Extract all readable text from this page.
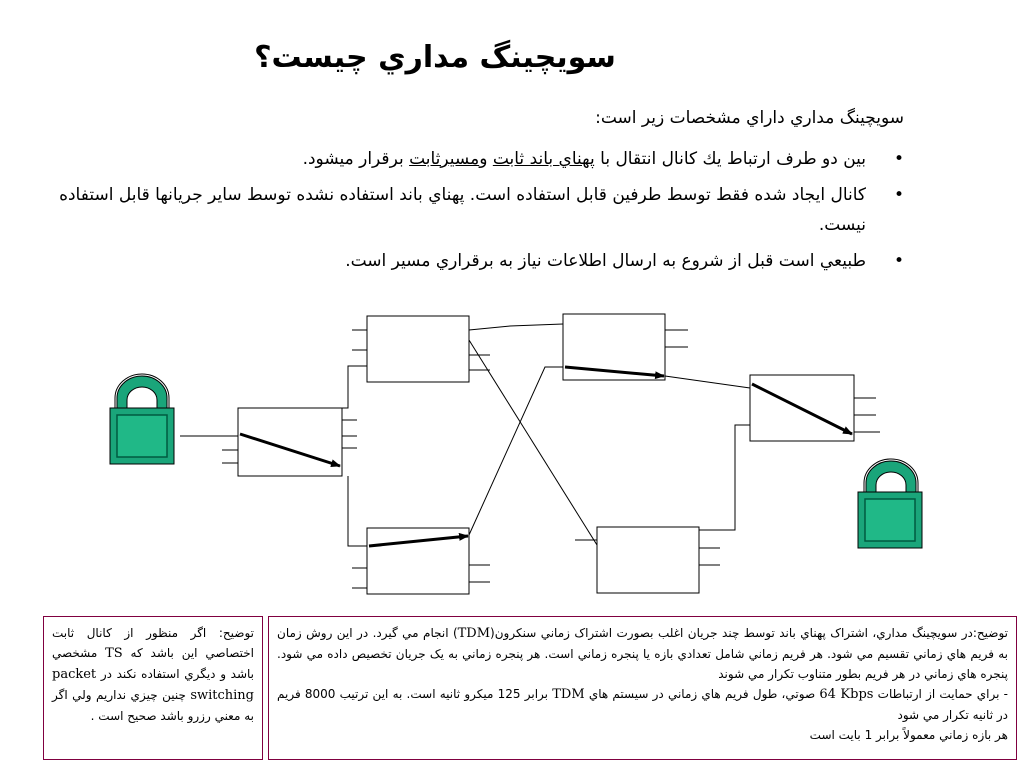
سويچينگ مداري چيست؟
سويچينگ مداري داراي مشخصات زير است:
•
بين دو طرف ارتباط يك كانال انتقال با پهناي باند ثابت ومسيرثابت برقرار ميشود.
•
كانال ايجاد شده فقط توسط طرفين قابل استفاده است. پهناي باند استفاده نشده توسط ساير جريانها قابل استفاده نيست.
•
طبيعي است قبل از شروع به ارسال اطلاعات نياز به برقراري مسير است.

توضيح: اگر منظور از كانال ثابت اختصاصي اين باشد كه TS مشخصي باشد و ديگري استفاده نكند در packet switching چنين چيزي نداريم ولي اگر به معني رزرو باشد صحيح است .

توضيح:در سويچينگ مداري، اشتراک پهناي باند توسط چند جريان اغلب بصورت اشتراک زماني سنكرون(TDM) انجام مي گيرد. در اين روش زمان به فريم هاي زماني تقسيم مي شود. هر فريم زماني شامل تعدادي بازه يا پنجره زماني است. هر پنجره زماني به يک جريان تخصيص داده مي شود. پنجره هاي زماني در هر فريم بطور متناوب تکرار مي شوند

- براي حمايت از ارتباطات 64 Kbps صوتي، طول فريم هاي زماني در سيستم هاي TDM برابر 125 ميكرو ثانيه است. به اين ترتيب 8000 فريم در ثانيه تكرار مي شود

هر بازه زماني معمولاً برابر 1 بايت است
